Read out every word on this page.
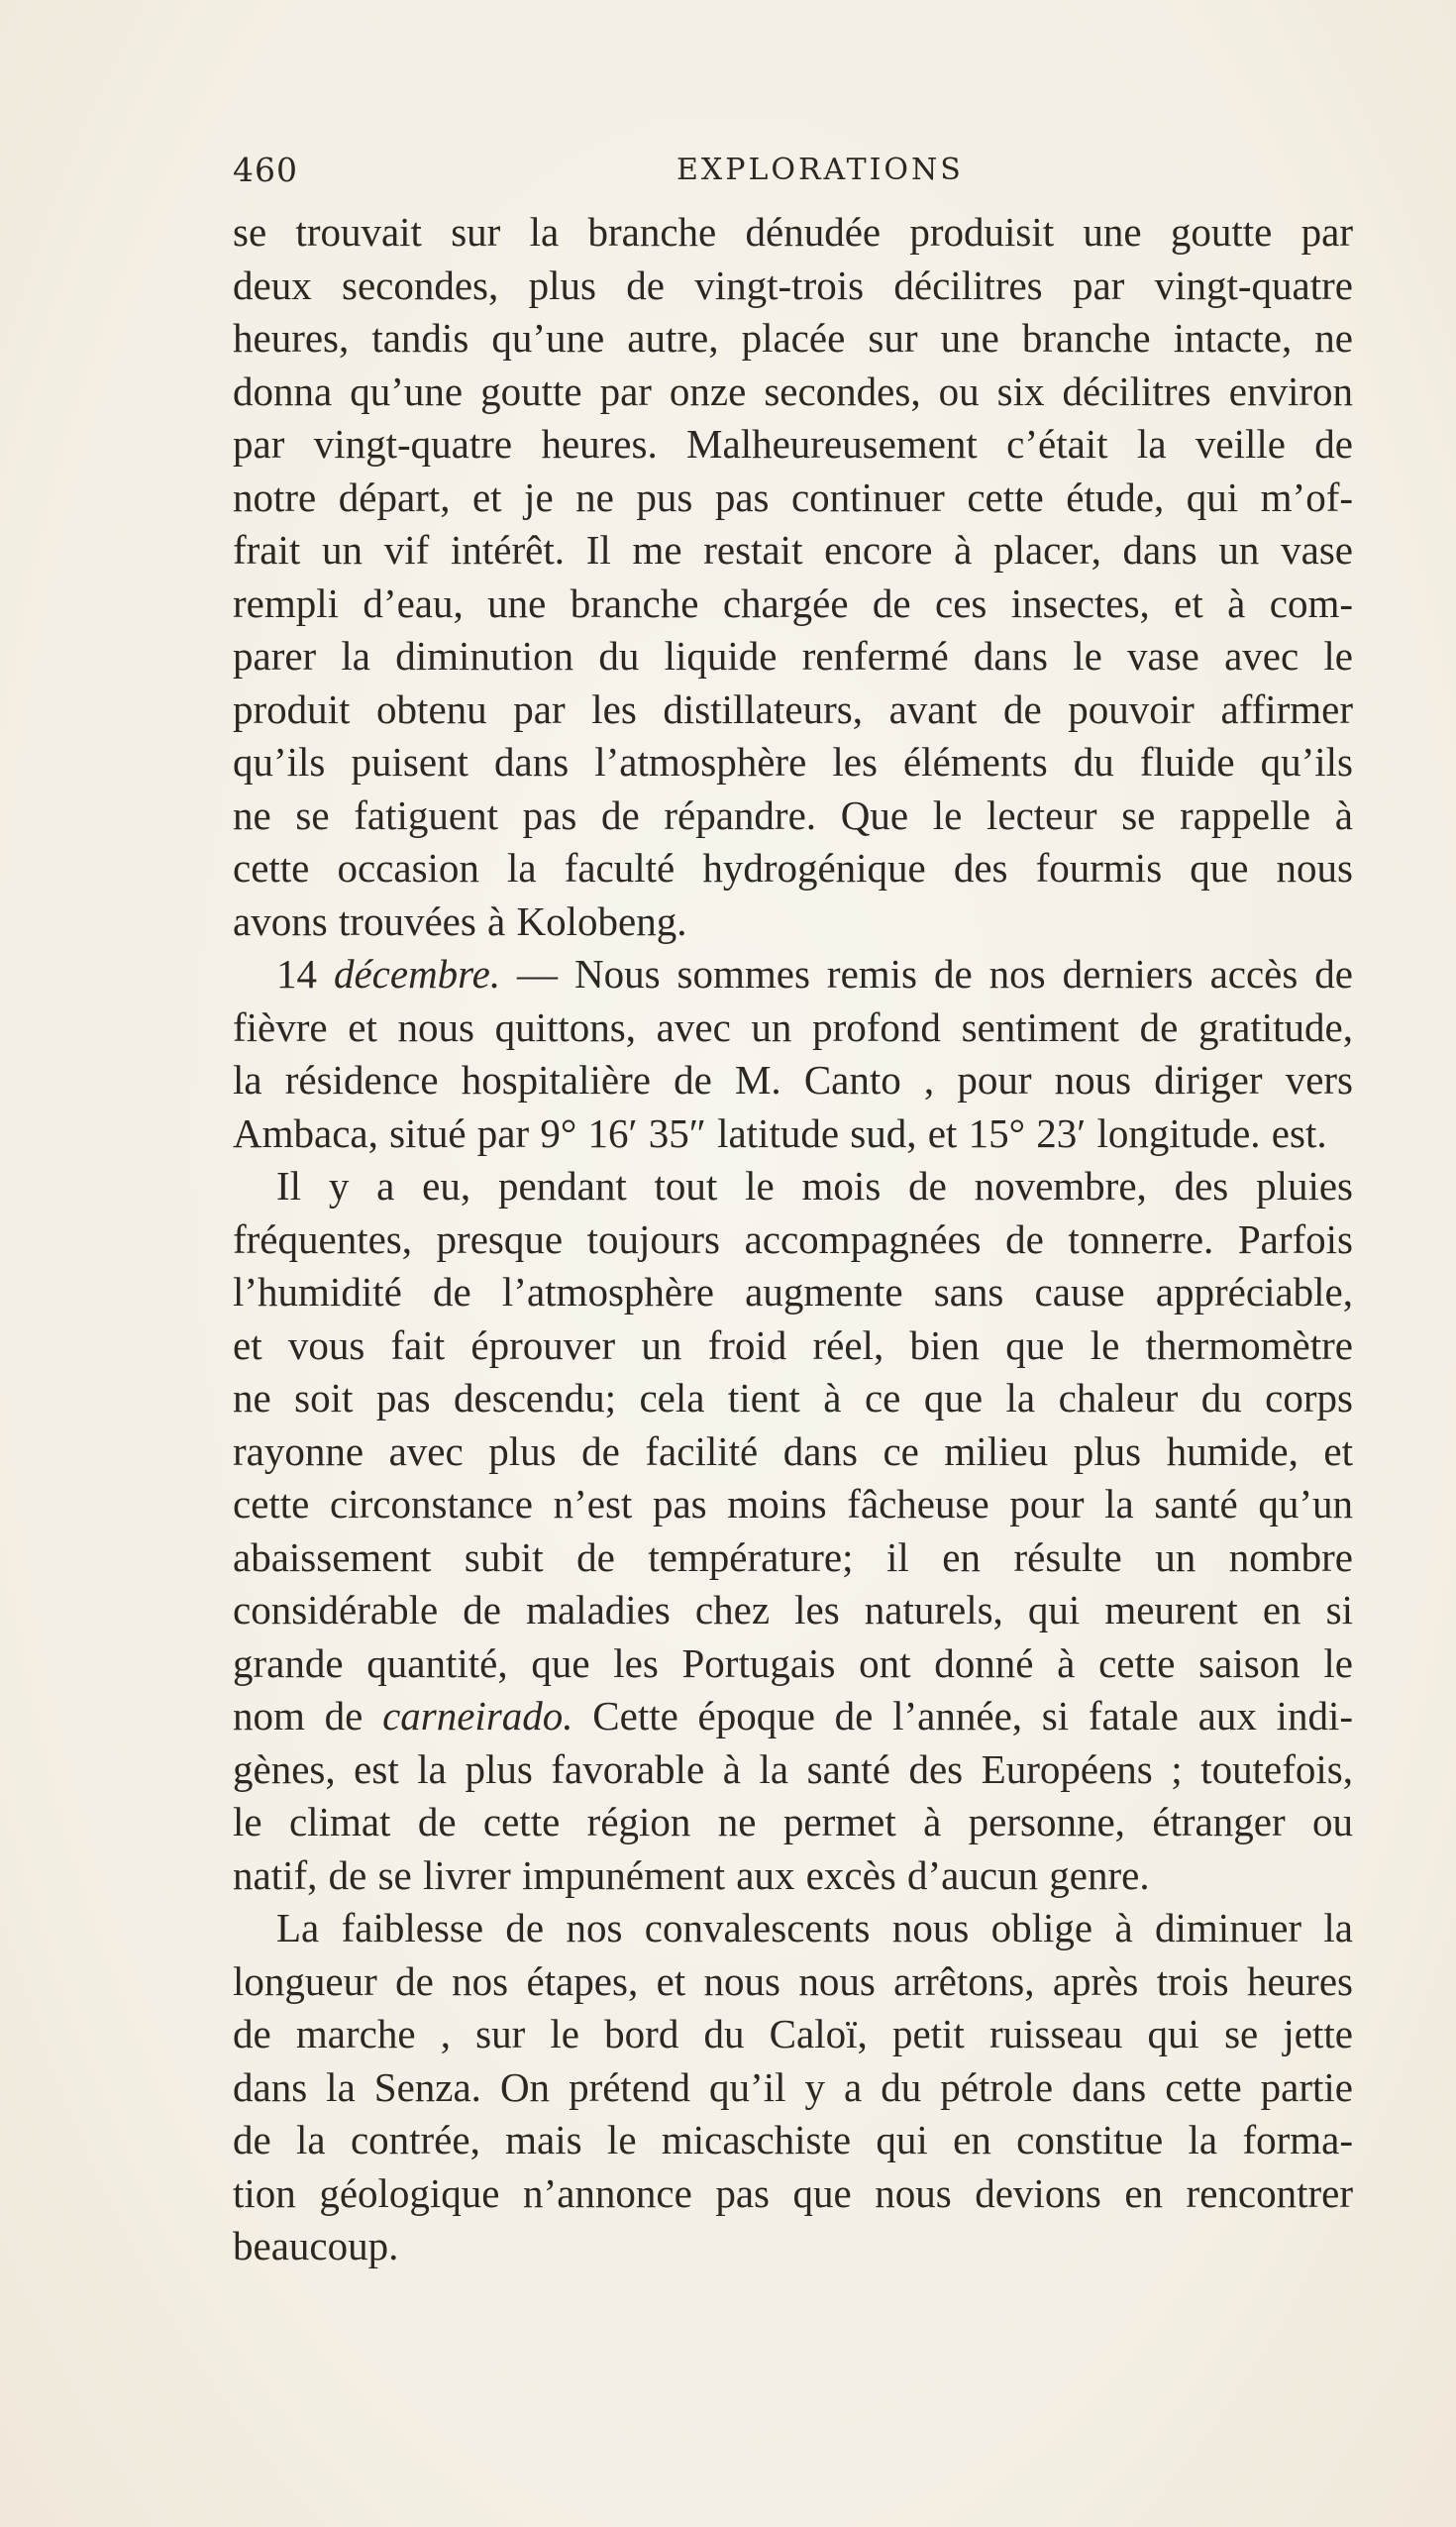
460	EXPLORATIONS
se trouvait sur la branche dénudée produisit une goutte par
deux secondes, plus de vingt-trois décilitres par vingt-quatre
heures, tandis qu’une autre, placée sur une branche intacte, ne
donna qu’une goutte par onze secondes, ou six décilitres environ
par vingt-quatre heures. Malheureusement c’était la veille de
notre départ, et je ne pus pas continuer cette étude, qui m’of-
frait un vif intérêt. Il me restait encore à placer, dans un vase
rempli d’eau, une branche chargée de ces insectes, et à com-
parer la diminution du liquide renfermé dans le vase avec le
produit obtenu par les distillateurs, avant de pouvoir affirmer
qu’ils puisent dans l’atmosphère les éléments du fluide qu’ils
ne se fatiguent pas de répandre. Que le lecteur se rappelle à
cette occasion la faculté hydrogénique des fourmis que nous
avons trouvées à Kolobeng.
14 décembre. — Nous sommes remis de nos derniers accès de
fièvre et nous quittons, avec un profond sentiment de gratitude,
la résidence hospitalière de M. Canto , pour nous diriger vers
Ambaca, situé par 9° 16′ 35″ latitude sud, et 15° 23′ longitude. est.
Il y a eu, pendant tout le mois de novembre, des pluies
fréquentes, presque toujours accompagnées de tonnerre. Parfois
l’humidité de l’atmosphère augmente sans cause appréciable,
et vous fait éprouver un froid réel, bien que le thermomètre
ne soit pas descendu; cela tient à ce que la chaleur du corps
rayonne avec plus de facilité dans ce milieu plus humide, et
cette circonstance n’est pas moins fâcheuse pour la santé qu’un
abaissement subit de température; il en résulte un nombre
considérable de maladies chez les naturels, qui meurent en si
grande quantité, que les Portugais ont donné à cette saison le
nom de carneirado. Cette époque de l’année, si fatale aux indi-
gènes, est la plus favorable à la santé des Européens ; toutefois,
le climat de cette région ne permet à personne, étranger ou
natif, de se livrer impunément aux excès d’aucun genre.
La faiblesse de nos convalescents nous oblige à diminuer la
longueur de nos étapes, et nous nous arrêtons, après trois heures
de marche , sur le bord du Caloï, petit ruisseau qui se jette
dans la Senza. On prétend qu’il y a du pétrole dans cette partie
de la contrée, mais le micaschiste qui en constitue la forma-
tion géologique n’annonce pas que nous devions en rencontrer
beaucoup.
